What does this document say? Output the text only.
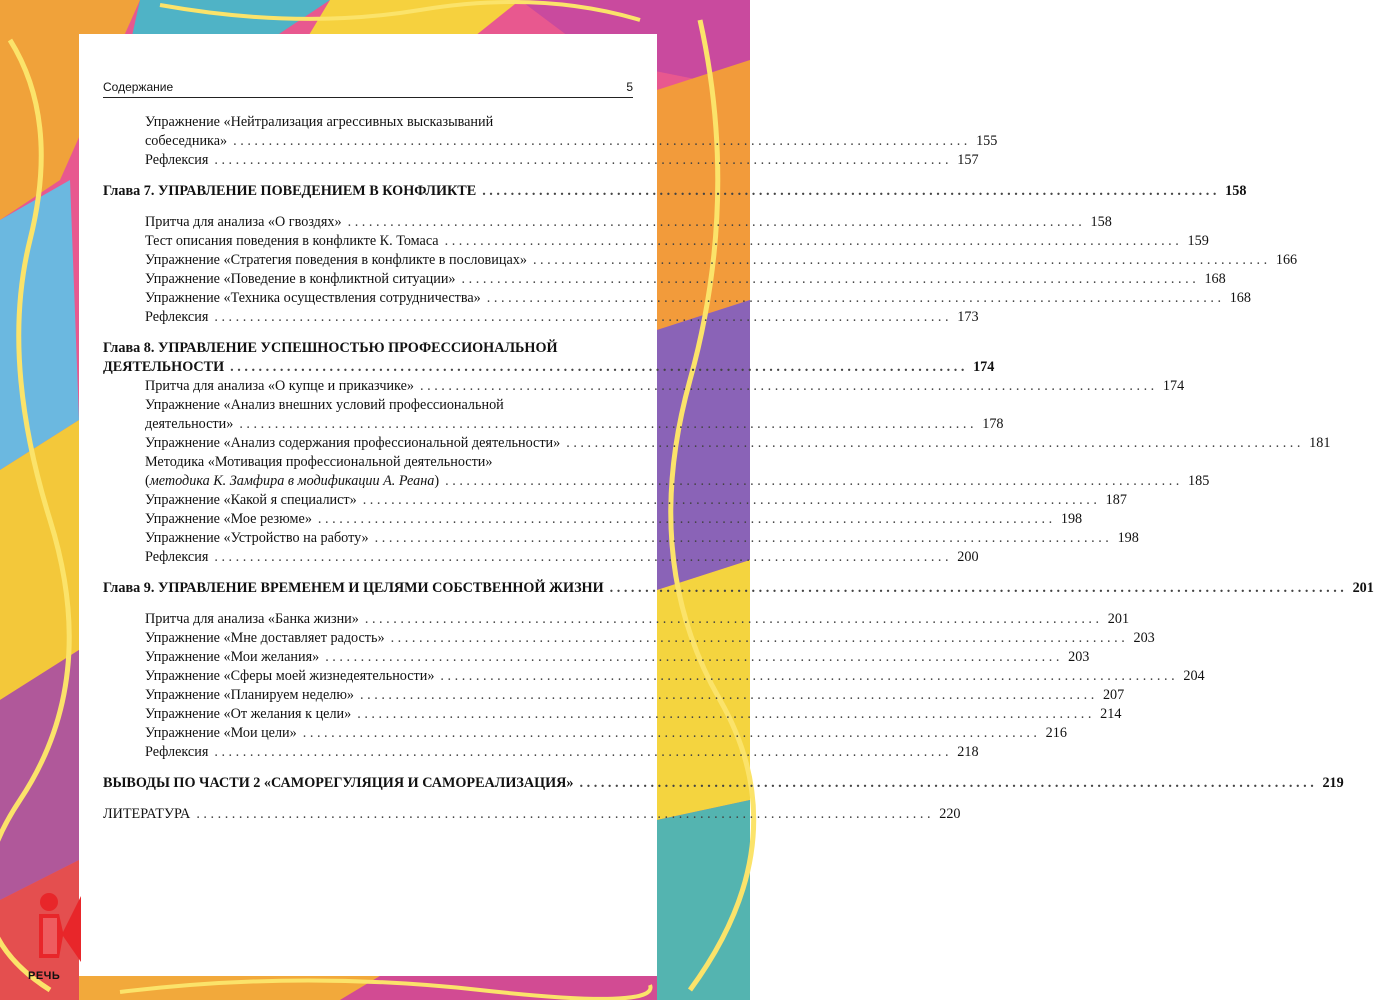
Содержание	5
Упражнение «Нейтрализация агрессивных высказываний
собеседника» . . .	155
Рефлексия . . .	157
Глава 7. УПРАВЛЕНИЕ ПОВЕДЕНИЕМ В КОНФЛИКТЕ . . .	158
Притча для анализа «О гвоздях» . . .	158
Тест описания поведения в конфликте К. Томаса . . .	159
Упражнение «Стратегия поведения в конфликте в пословицах» . . .	166
Упражнение «Поведение в конфликтной ситуации» . . .	168
Упражнение «Техника осуществления сотрудничества» . . .	168
Рефлексия . . .	173
Глава 8. УПРАВЛЕНИЕ УСПЕШНОСТЬЮ ПРОФЕССИОНАЛЬНОЙ
ДЕЯТЕЛЬНОСТИ . . .	174
Притча для анализа «О купце и приказчике» . . .	174
Упражнение «Анализ внешних условий профессиональной
деятельности» . . .	178
Упражнение «Анализ содержания профессиональной деятельности» . . .	181
Методика «Мотивация профессиональной деятельности»
(методика К. Замфира в модификации А. Реана) . . .	185
Упражнение «Какой я специалист» . . .	187
Упражнение «Мое резюме» . . .	198
Упражнение «Устройство на работу» . . .	198
Рефлексия . . .	200
Глава 9. УПРАВЛЕНИЕ ВРЕМЕНЕМ И ЦЕЛЯМИ СОБСТВЕННОЙ ЖИЗНИ . . .	201
Притча для анализа «Банка жизни» . . .	201
Упражнение «Мне доставляет радость» . . .	203
Упражнение «Мои желания» . . .	203
Упражнение «Сферы моей жизнедеятельности» . . .	204
Упражнение «Планируем неделю» . . .	207
Упражнение «От желания к цели» . . .	214
Упражнение «Мои цели» . . .	216
Рефлексия . . .	218
ВЫВОДЫ ПО ЧАСТИ 2 «САМОРЕГУЛЯЦИЯ И САМОРЕАЛИЗАЦИЯ» . . .	219
ЛИТЕРАТУРА . . .	220
РЕЧЬ
